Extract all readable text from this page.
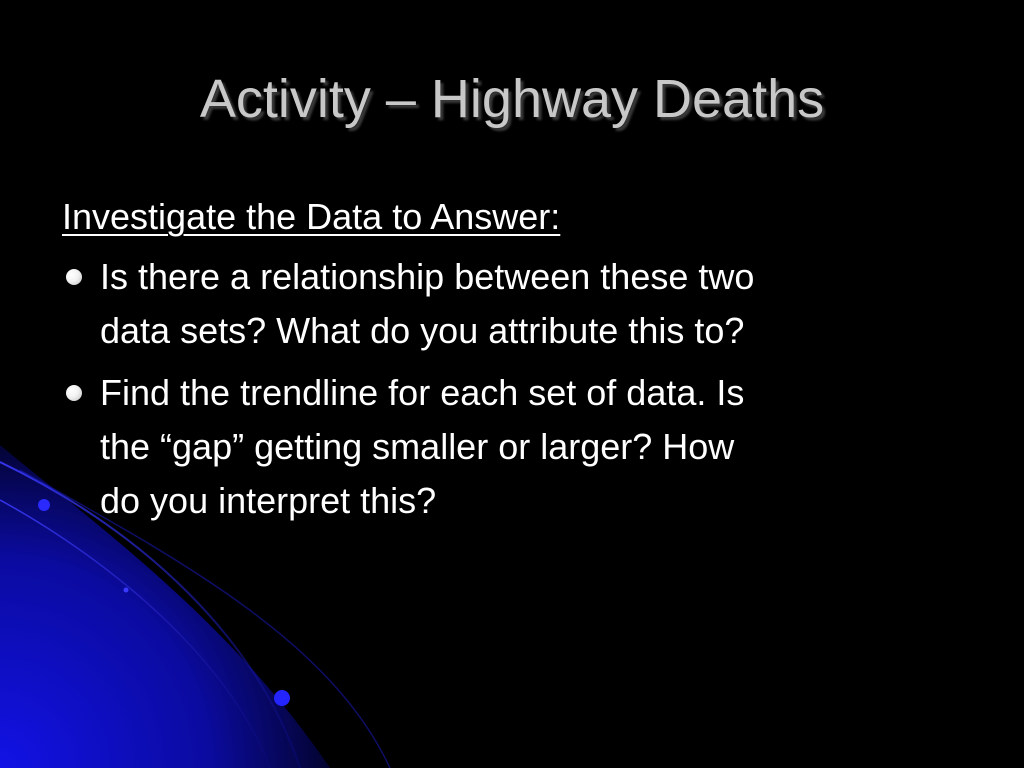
Activity – Highway Deaths
Investigate the Data to Answer:
Is there a relationship between these two
data sets? What do you attribute this to?
Find the trendline for each set of data. Is
the “gap” getting smaller or larger? How
do you interpret this?
